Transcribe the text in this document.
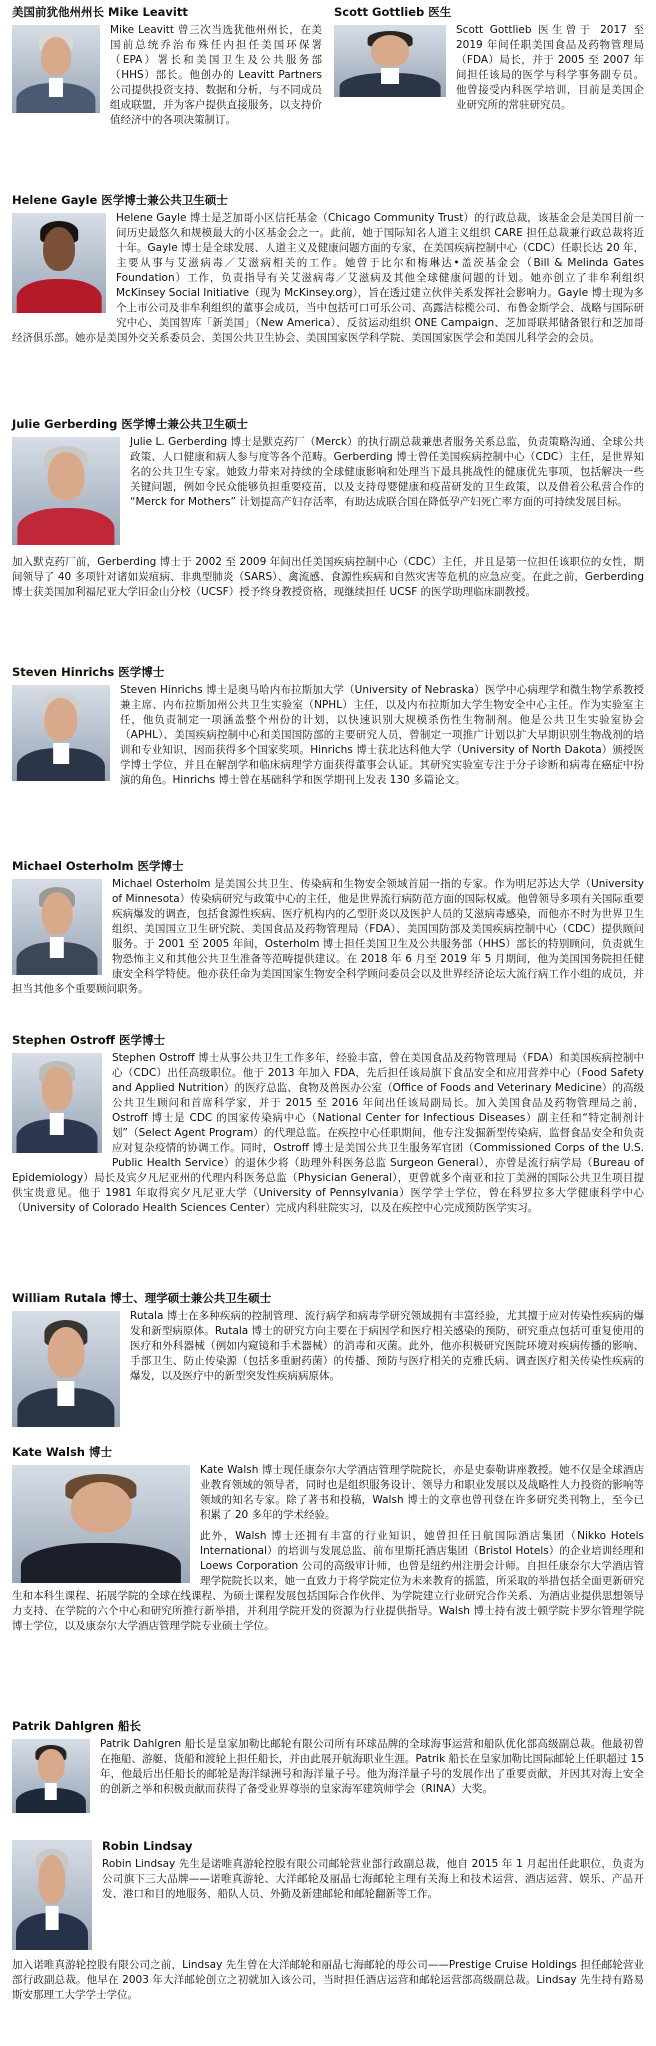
美国前犹他州州长 Mike Leavitt

Mike Leavitt 曾三次当选犹他州州长，在美国前总统乔治布殊任内担任美国环保署（EPA）署长和美国卫生及公共服务部（HHS）部长。他创办的 Leavitt Partners 公司提供投资支持、数据和分析，与不同成员组成联盟，并为客户提供直接服务，以支持价值经济中的各项决策制订。

Scott Gottlieb 医生

Scott Gottlieb 医生曾于 2017 至 2019 年间任职美国食品及药物管理局（FDA）局长，并于 2005 至 2007 年间担任该局的医学与科学事务副专员。他曾接受内科医学培训，目前是美国企业研究所的常驻研究员。

Helene Gayle 医学博士兼公共卫生硕士

Helene Gayle 博士是芝加哥小区信托基金（Chicago Community Trust）的行政总裁，该基金会是美国目前一间历史最悠久和规模最大的小区基金会之一。此前，她于国际知名人道主义组织 CARE 担任总裁兼行政总裁将近十年。Gayle 博士是全球发展、人道主义及健康问题方面的专家，在美国疾病控制中心（CDC）任职长达 20 年，主要从事与艾滋病毒／艾滋病相关的工作。她曾于比尔和梅琳达•盖茨基金会（Bill & Melinda Gates Foundation）工作，负责指导有关艾滋病毒／艾滋病及其他全球健康问题的计划。她亦创立了非牟利组织 McKinsey Social Initiative（现为 McKinsey.org），旨在透过建立伙伴关系发挥社会影响力。Gayle 博士现为多个上市公司及非牟利组织的董事会成员，当中包括可口可乐公司、高露洁棕榄公司、布鲁金斯学会、战略与国际研究中心、美国智库「新美国」（New America）、反贫运动组织 ONE Campaign、芝加哥联邦储备银行和芝加哥经济俱乐部。她亦是美国外交关系委员会、美国公共卫生协会、美国国家医学科学院、美国国家医学会和美国儿科学会的会员。

Julie Gerberding 医学博士兼公共卫生硕士

Julie L. Gerberding 博士是默克药厂（Merck）的执行副总裁兼患者服务关系总监，负责策略沟通、全球公共政策、人口健康和病人参与度等各个范畴。Gerberding 博士曾任美国疾病控制中心（CDC）主任，是世界知名的公共卫生专家。她致力带来对持续的全球健康影响和处理当下最具挑战性的健康优先事项，包括解决一些关键问题，例如令民众能够负担重要疫苗，以及支持母婴健康和疫苗研发的卫生政策，以及借着公私营合作的 “Merck for Mothers” 计划提高产妇存活率，有助达成联合国在降低孕产妇死亡率方面的可持续发展目标。

加入默克药厂前，Gerberding 博士于 2002 至 2009 年间出任美国疾病控制中心（CDC）主任，并且是第一位担任该职位的女性，期间领导了 40 多项针对诸如炭疽病、非典型肺炎（SARS）、禽流感、食源性疾病和自然灾害等危机的应急应变。在此之前，Gerberding 博士获美国加利福尼亚大学旧金山分校（UCSF）授予终身教授资格，现继续担任 UCSF 的医学助理临床副教授。

Steven Hinrichs 医学博士

Steven Hinrichs 博士是奥马哈内布拉斯加大学（University of Nebraska）医学中心病理学和微生物学系教授兼主席、内布拉斯加州公共卫生实验室（NPHL）主任，以及内布拉斯加大学生物安全中心主任。作为实验室主任，他负责制定一项涵盖整个州份的计划，以快速识别大规模杀伤性生物制剂。他是公共卫生实验室协会（APHL）、美国疾病控制中心和美国国防部的主要研究人员，曾制定一项推广计划以扩大早期识别生物战剂的培训和专业知识，因而获得多个国家奖项。Hinrichs 博士获北达科他大学（University of North Dakota）颁授医学博士学位，并且在解剖学和临床病理学方面获得董事会认证。其研究实验室专注于分子诊断和病毒在癌症中扮演的角色。Hinrichs 博士曾在基础科学和医学期刊上发表 130 多篇论文。

Michael Osterholm 医学博士

Michael Osterholm 是美国公共卫生、传染病和生物安全领域首屈一指的专家。作为明尼苏达大学（University of Minnesota）传染病研究与政策中心的主任，他是世界流行病防范方面的国际权威。他曾领导多项有关国际重要疾病爆发的调查，包括食源性疾病、医疗机构内的乙型肝炎以及医护人员的艾滋病毒感染，而他亦不时为世界卫生组织、美国国立卫生研究院、美国食品及药物管理局（FDA）、美国国防部及美国疾病控制中心（CDC）提供顾问服务。于 2001 至 2005 年间，Osterholm 博士担任美国卫生及公共服务部（HHS）部长的特别顾问，负责就生物恐怖主义和其他公共卫生准备等范畴提供建议。在 2018 年 6 月至 2019 年 5 月期间，他为美国国务院担任健康安全科学特使。他亦获任命为美国国家生物安全科学顾问委员会以及世界经济论坛大流行病工作小组的成员，并担当其他多个重要顾问职务。

Stephen Ostroff 医学博士

Stephen Ostroff 博士从事公共卫生工作多年，经验丰富，曾在美国食品及药物管理局（FDA）和美国疾病控制中心（CDC）出任高级职位。他于 2013 年加入 FDA，先后担任该局旗下食品安全和应用营养中心（Food Safety and Applied Nutrition）的医疗总监、食物及兽医办公室（Office of Foods and Veterinary Medicine）的高级公共卫生顾问和首席科学家，并于 2015 至 2016 年间出任该局副局长。加入美国食品及药物管理局之前，Ostroff 博士是 CDC 的国家传染病中心（National Center for Infectious Diseases）副主任和“特定制剂计划”（Select Agent Program）的代理总监。在疾控中心任职期间，他专注发掘新型传染病，监督食品安全和负责应对复杂疫情的协调工作。同时，Ostroff 博士是美国公共卫生服务军官团（Commissioned Corps of the U.S. Public Health Service）的退休少将（助理外科医务总监 Surgeon General），亦曾是流行病学局（Bureau of Epidemiology）局长及宾夕凡尼亚州的代理内科医务总监（Physician General），更曾就多个南亚和拉丁美洲的国际公共卫生项目提供宝贵意见。他于 1981 年取得宾夕凡尼亚大学（University of Pennsylvania）医学学士学位，曾在科罗拉多大学健康科学中心（University of Colorado Health Sciences Center）完成内科驻院实习，以及在疾控中心完成预防医学实习。

William Rutala 博士、理学硕士兼公共卫生硕士

Rutala 博士在多种疾病的控制管理、流行病学和病毒学研究领域拥有丰富经验，尤其擅于应对传染性疾病的爆发和新型病原体。Rutala 博士的研究方向主要在于病因学和医疗相关感染的预防，研究重点包括可重复使用的医疗和外科器械（例如内窥镜和手术器械）的消毒和灭菌。此外，他亦积极研究医院环境对疾病传播的影响、手部卫生、防止传染源（包括多重耐药菌）的传播、预防与医疗相关的克雅氏病、调查医疗相关传染性疾病的爆发，以及医疗中的新型突发性疾病病原体。

Kate Walsh 博士

Kate Walsh 博士现任康奈尔大学酒店管理学院院长，亦是史泰勒讲座教授。她不仅是全球酒店业教育领域的领导者，同时也是组织服务设计、领导力和职业发展以及战略性人力投资的影响等领域的知名专家。除了著书和投稿，Walsh 博士的文章也曾刊登在许多研究类刊物上，至今已积累了 20 多年的学术经验。

此外，Walsh 博士还拥有丰富的行业知识，她曾担任日航国际酒店集团（Nikko Hotels International）的培训与发展总监、前布里斯托酒店集团（Bristol Hotels）的企业培训经理和 Loews Corporation 公司的高级审计师，也曾是纽约州注册会计师。自担任康奈尔大学酒店管理学院院长以来，她一直致力于将学院定位为未来教育的摇篮，所采取的举措包括全面更新研究生和本科生课程、拓展学院的全球在线课程、为硕士课程发展包括国际合作伙伴、为学院建立行业研究合作关系、为酒店业提供思想领导力支持、在学院的六个中心和研究所推行新举措，并利用学院开发的资源为行业提供指导。Walsh 博士持有波士顿学院卡罗尔管理学院博士学位，以及康奈尔大学酒店管理学院专业硕士学位。

Patrik Dahlgren 船长

Patrik Dahlgren 船长是皇家加勒比邮轮有限公司所有环球品牌的全球海事运营和船队优化部高级副总裁。他最初曾在拖船、游艇、货船和渡轮上担任船长，并由此展开航海职业生涯。Patrik 船长在皇家加勒比国际邮轮上任职超过 15 年，他最后出任船长的邮轮是海洋绿洲号和海洋量子号。他为海洋量子号的发展作出了重要贡献，并因其对海上安全的创新之举和积极贡献而获得了备受业界尊崇的皇家海军建筑师学会（RINA）大奖。

Robin Lindsay

Robin Lindsay 先生是诺唯真游轮控股有限公司邮轮营业部行政副总裁，他自 2015 年 1 月起出任此职位，负责为公司旗下三大品牌——诺唯真游轮、大洋邮轮及丽晶七海邮轮主理有关海上和技术运营、酒店运营、娱乐、产品开发、港口和目的地服务、船队人员、外勤及新建邮轮和邮轮翻新等工作。

加入诺唯真游轮控股有限公司之前，Lindsay 先生曾在大洋邮轮和丽晶七海邮轮的母公司——Prestige Cruise Holdings 担任邮轮营业部行政副总裁。他早在 2003 年大洋邮轮创立之初就加入该公司，当时担任酒店运营和邮轮运营部高级副总裁。Lindsay 先生持有路易斯安那理工大学学士学位。
